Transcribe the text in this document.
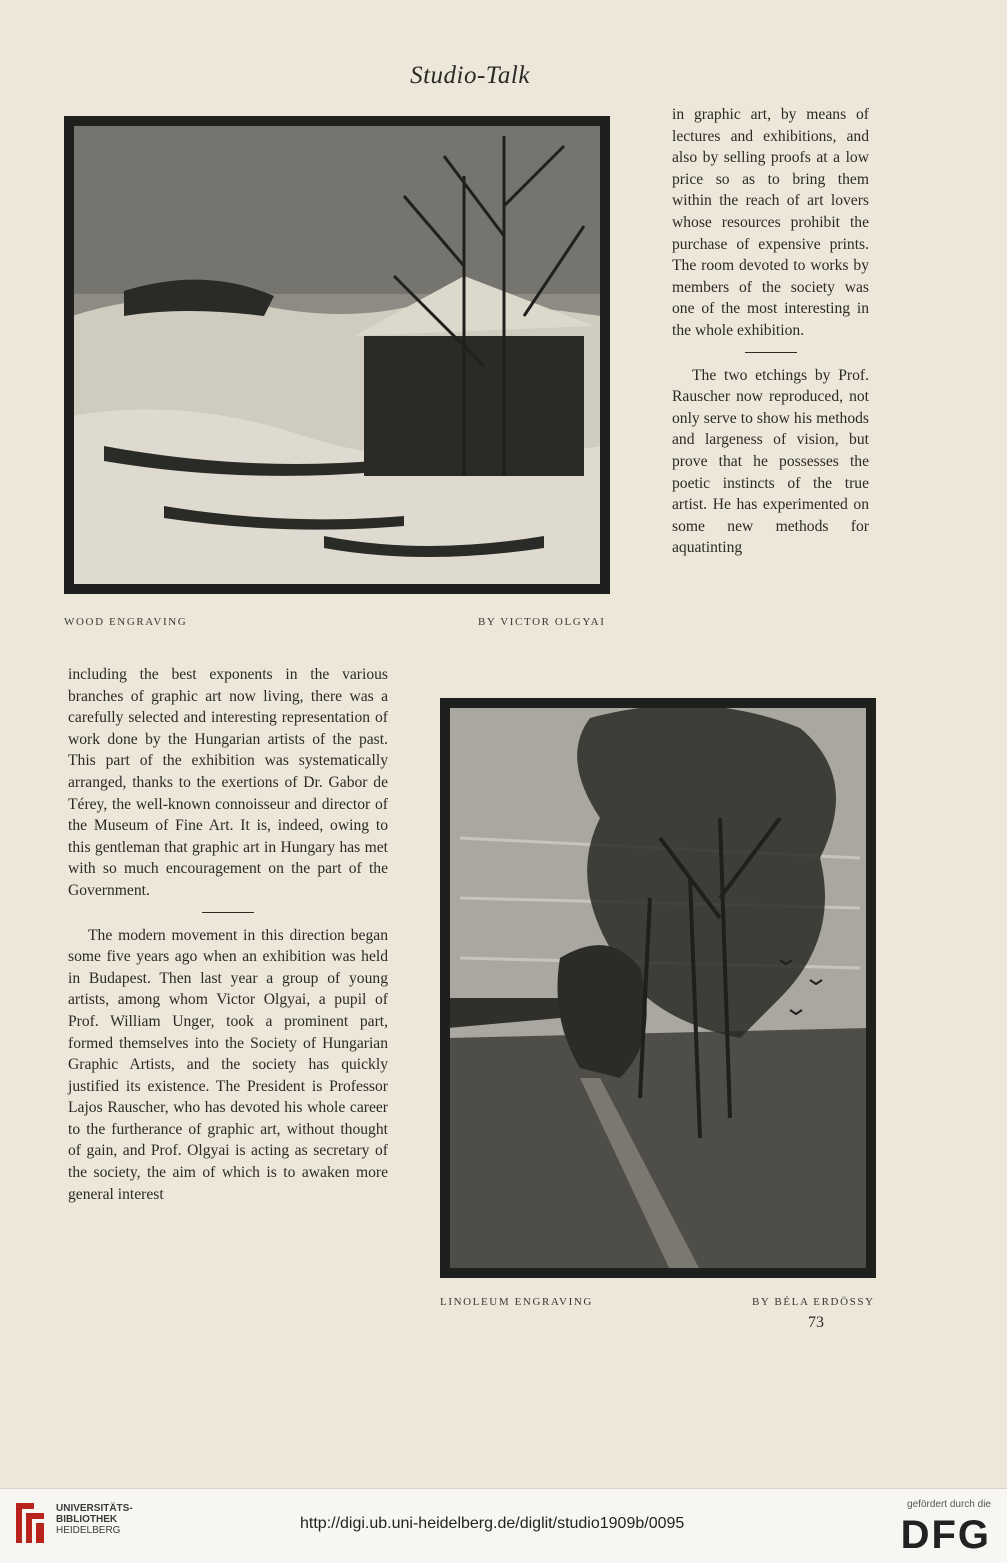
Studio-Talk
WOOD ENGRAVING	BY VICTOR OLGYAI

in graphic art, by means of lectures and exhibitions, and also by selling proofs at a low price so as to bring them within the reach of art lovers whose resources prohibit the purchase of expensive prints. The room devoted to works by members of the society was one of the most interesting in the whole exhibition.

The two etchings by Prof. Rauscher now reproduced, not only serve to show his methods and largeness of vision, but prove that he possesses the poetic instincts of the true artist. He has experimented on some new methods for aquatinting

including the best exponents in the various branches of graphic art now living, there was a carefully selected and interesting representation of work done by the Hungarian artists of the past. This part of the exhibition was systematically arranged, thanks to the exertions of Dr. Gabor de Térey, the well-known connoisseur and director of the Museum of Fine Art. It is, indeed, owing to this gentleman that graphic art in Hungary has met with so much encouragement on the part of the Government.

The modern movement in this direction began some five years ago when an exhibition was held in Budapest. Then last year a group of young artists, among whom Victor Olgyai, a pupil of Prof. William Unger, took a prominent part, formed themselves into the Society of Hungarian Graphic Artists, and the society has quickly justified its existence. The President is Professor Lajos Rauscher, who has devoted his whole career to the furtherance of graphic art, without thought of gain, and Prof. Olgyai is acting as secretary of the society, the aim of which is to awaken more general interest

LINOLEUM ENGRAVING	BY BÉLA ERDÖSSY
73
UNIVERSITÄTS-
BIBLIOTHEK
HEIDELBERG	http://digi.ub.uni-heidelberg.de/diglit/studio1909b/0095
gefördert durch die
DFG
